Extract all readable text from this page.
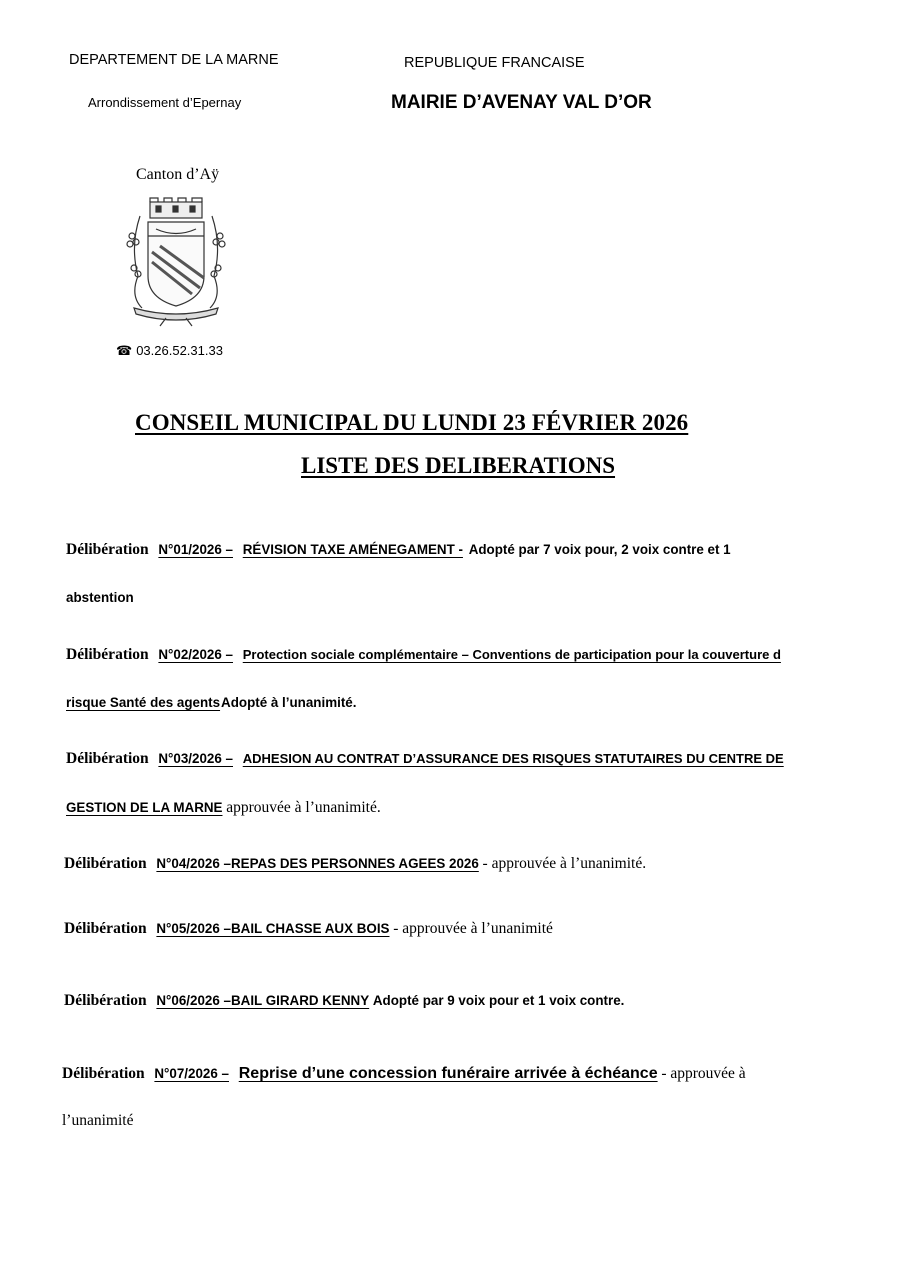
DEPARTEMENT DE LA MARNE
Arrondissement d’Epernay
REPUBLIQUE FRANCAISE
MAIRIE D’AVENAY VAL D’OR
Canton d’Aÿ
☎ 03.26.52.31.33
CONSEIL MUNICIPAL DU LUNDI 23 FÉVRIER 2026
LISTE DES DELIBERATIONS
Délibération N°01/2026 – RÉVISION TAXE AMÉNEGAMENT - Adopté par 7 voix pour, 2 voix contre et 1
abstention
Délibération N°02/2026 – Protection sociale complémentaire – Conventions de participation pour la couverture d
risque Santé des agentsAdopté à l’unanimité.
Délibération N°03/2026 – ADHESION AU CONTRAT D’ASSURANCE DES RISQUES STATUTAIRES DU CENTRE DE
GESTION DE LA MARNE approuvée à l’unanimité.
Délibération N°04/2026 –REPAS DES PERSONNES AGEES 2026 - approuvée à l’unanimité.
Délibération N°05/2026 –BAIL CHASSE AUX BOIS - approuvée à l’unanimité
Délibération N°06/2026 –BAIL GIRARD KENNY Adopté par 9 voix pour et 1 voix contre.
Délibération N°07/2026 – Reprise d’une concession funéraire arrivée à échéance - approuvée à
l’unanimité
